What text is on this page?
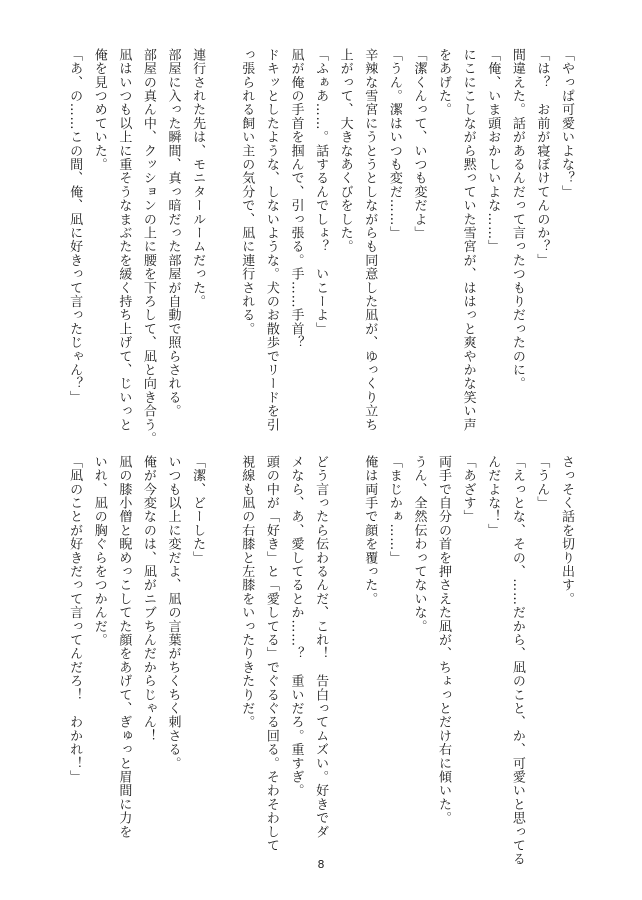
「やっぱ可愛いよな？」
「は？　お前が寝ぼけてんのか？」
間違えた。話があるんだって言ったつもりだったのに。
「俺、いま頭おかしいよな……」
にこにこしながら黙っていた雪宮が、ははっと爽やかな笑い声
をあげた。
「潔くんって、いつも変だよ」
「うん。潔はいつも変だ……」
辛辣な雪宮にうとうとしながらも同意した凪が、ゆっくり立ち
上がって、大きなあくびをした。
「ふぁあ……。話するんでしょ？　いこーよ」
凪が俺の手首を掴んで、引っ張る。手……手首？
ドキッとしたような、しないような。犬のお散歩でリードを引
っ張られる飼い主の気分で、凪に連行される。

連行された先は、モニタールームだった。
部屋に入った瞬間、真っ暗だった部屋が自動で照らされる。
部屋の真ん中、クッションの上に腰を下ろして、凪と向き合う。
凪はいつも以上に重そうなまぶたを緩く持ち上げて、じいっと
俺を見つめていた。
「あ、の……この間、俺、凪に好きって言ったじゃん？」
さっそく話を切り出す。
「うん」
「えっとな、その、……だから、凪のこと、か、可愛いと思ってる
んだよな！」
「あざす」
両手で自分の首を押さえた凪が、ちょっとだけ右に傾いた。
うん、全然伝わってないな。
「まじかぁ……」
俺は両手で顔を覆った。

どう言ったら伝わるんだ、これ！　告白ってムズい。好きでダ
メなら、あ、愛してるとか……？　重いだろ。重すぎ。
頭の中が「好き」と「愛してる」でぐるぐる回る。そわそわして
視線も凪の右膝と左膝をいったりきたりだ。

「潔、どーした」
いつも以上に変だよ、凪の言葉がちくちく刺さる。
俺が今変なのは、凪がニブちんだからじゃん！
凪の膝小僧と睨めっこしてた顔をあげて、ぎゅっと眉間に力を
いれ、凪の胸ぐらをつかんだ。
「凪のことが好きだって言ってんだろ！　わかれ！」
8
